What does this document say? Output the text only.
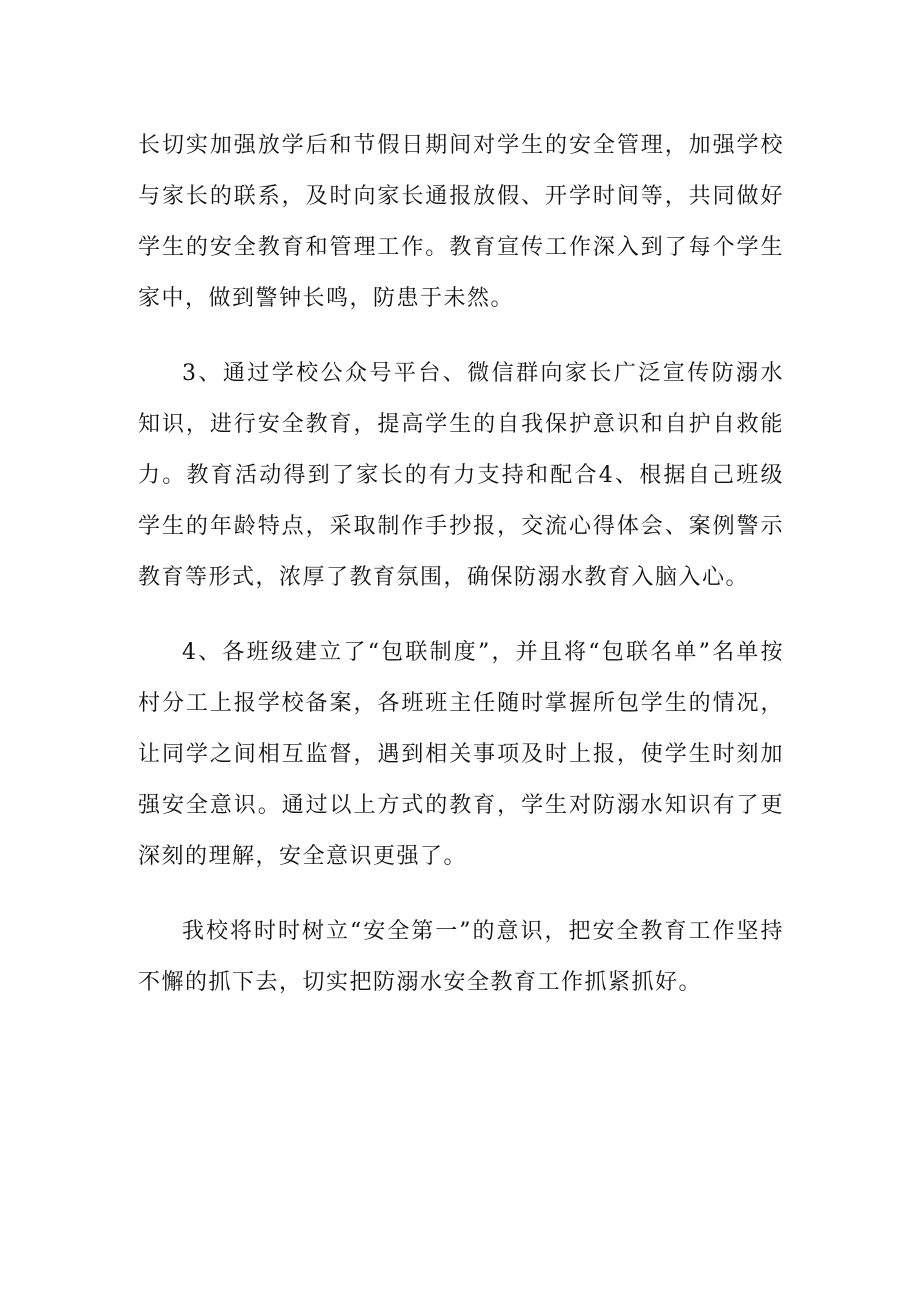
长切实加强放学后和节假日期间对学生的安全管理，加强学校与家长的联系，及时向家长通报放假、开学时间等，共同做好学生的安全教育和管理工作。教育宣传工作深入到了每个学生家中，做到警钟长鸣，防患于未然。

3、通过学校公众号平台、微信群向家长广泛宣传防溺水知识，进行安全教育，提高学生的自我保护意识和自护自救能力。教育活动得到了家长的有力支持和配合4、根据自己班级学生的年龄特点，采取制作手抄报，交流心得体会、案例警示教育等形式，浓厚了教育氛围，确保防溺水教育入脑入心。

4、各班级建立了“包联制度”，并且将“包联名单”名单按村分工上报学校备案，各班班主任随时掌握所包学生的情况，让同学之间相互监督，遇到相关事项及时上报，使学生时刻加强安全意识。通过以上方式的教育，学生对防溺水知识有了更深刻的理解，安全意识更强了。

我校将时时树立“安全第一”的意识，把安全教育工作坚持不懈的抓下去，切实把防溺水安全教育工作抓紧抓好。
